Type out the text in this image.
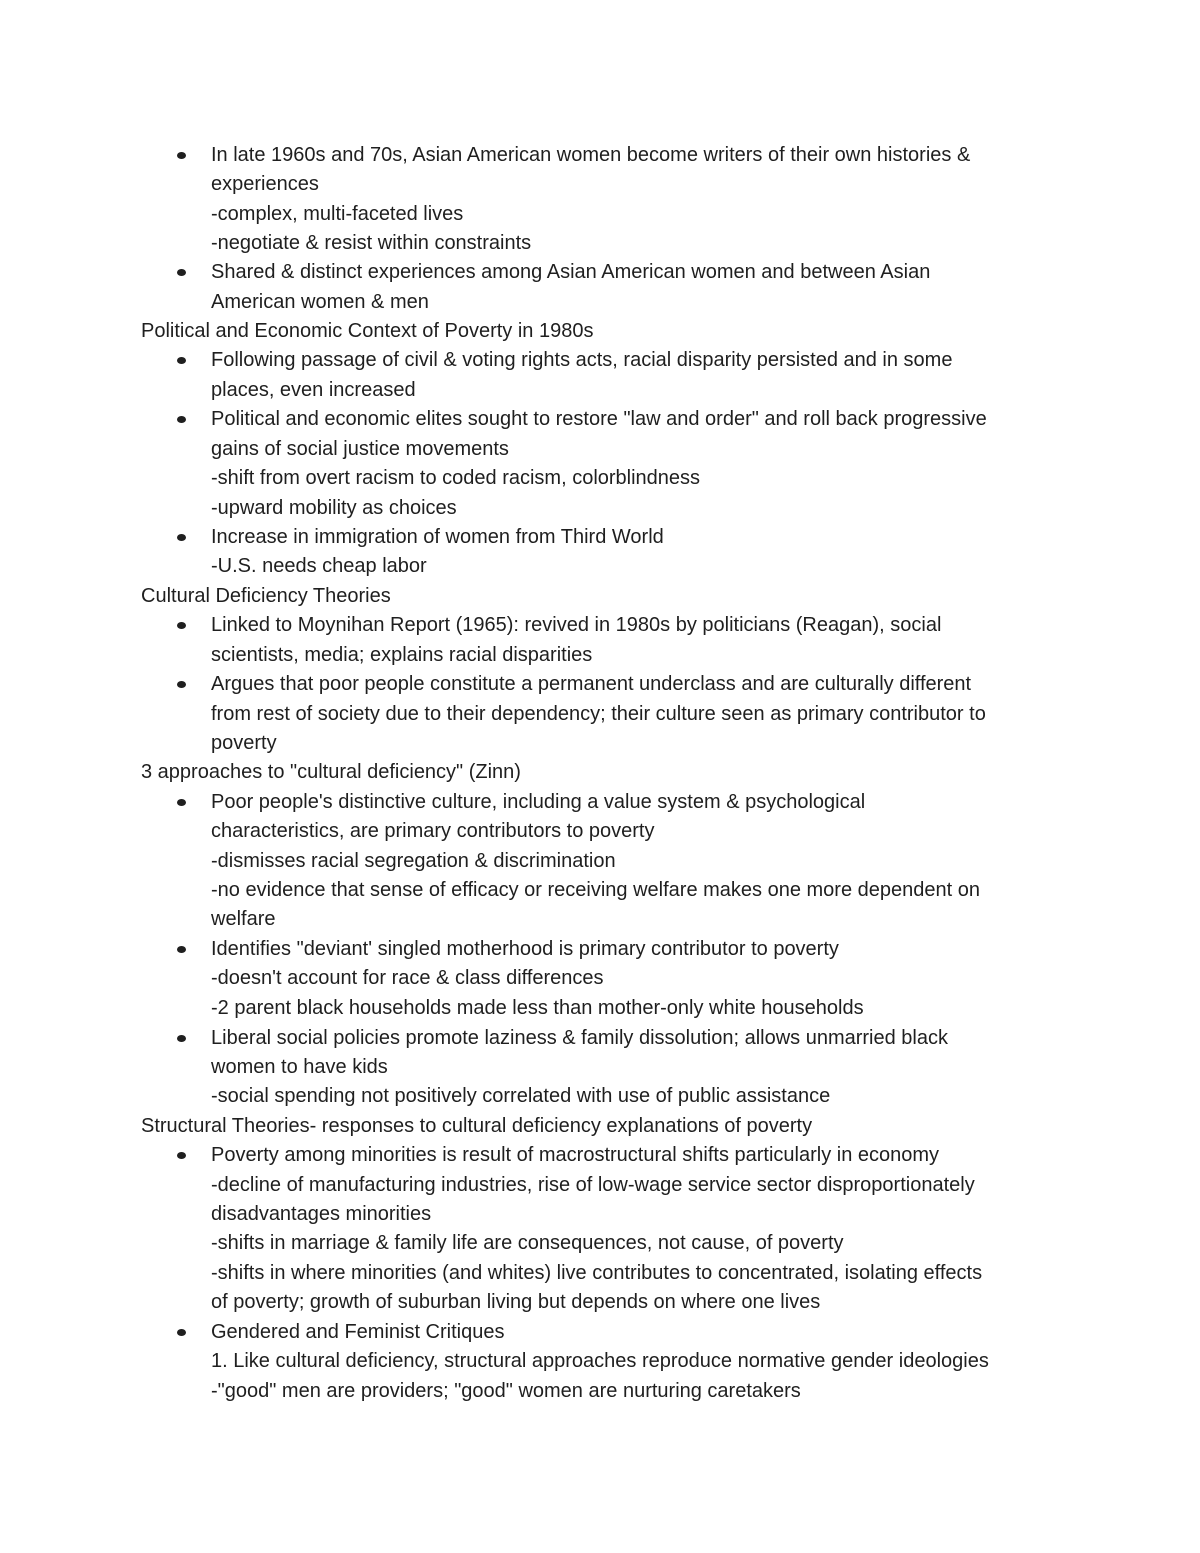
In late 1960s and 70s, Asian American women become writers of their own histories &
experiences
-complex, multi-faceted lives
-negotiate & resist within constraints
Shared & distinct experiences among Asian American women and between Asian
American women & men
Political and Economic Context of Poverty in 1980s
Following passage of civil & voting rights acts, racial disparity persisted and in some
places, even increased
Political and economic elites sought to restore "law and order" and roll back progressive
gains of social justice movements
-shift from overt racism to coded racism, colorblindness
-upward mobility as choices
Increase in immigration of women from Third World
-U.S. needs cheap labor
Cultural Deficiency Theories
Linked to Moynihan Report (1965): revived in 1980s by politicians (Reagan), social
scientists, media; explains racial disparities
Argues that poor people constitute a permanent underclass and are culturally different
from rest of society due to their dependency; their culture seen as primary contributor to
poverty
3 approaches to "cultural deficiency" (Zinn)
Poor people's distinctive culture, including a value system & psychological
characteristics, are primary contributors to poverty
-dismisses racial segregation & discrimination
-no evidence that sense of efficacy or receiving welfare makes one more dependent on
welfare
Identifies "deviant' singled motherhood is primary contributor to poverty
-doesn't account for race & class differences
-2 parent black households made less than mother-only white households
Liberal social policies promote laziness & family dissolution; allows unmarried black
women to have kids
-social spending not positively correlated with use of public assistance
Structural Theories- responses to cultural deficiency explanations of poverty
Poverty among minorities is result of macrostructural shifts particularly in economy
-decline of manufacturing industries, rise of low-wage service sector disproportionately
disadvantages minorities
-shifts in marriage & family life are consequences, not cause, of poverty
-shifts in where minorities (and whites) live contributes to concentrated, isolating effects
of poverty; growth of suburban living but depends on where one lives
Gendered and Feminist Critiques
1. Like cultural deficiency, structural approaches reproduce normative gender ideologies
-"good" men are providers; "good" women are nurturing caretakers
